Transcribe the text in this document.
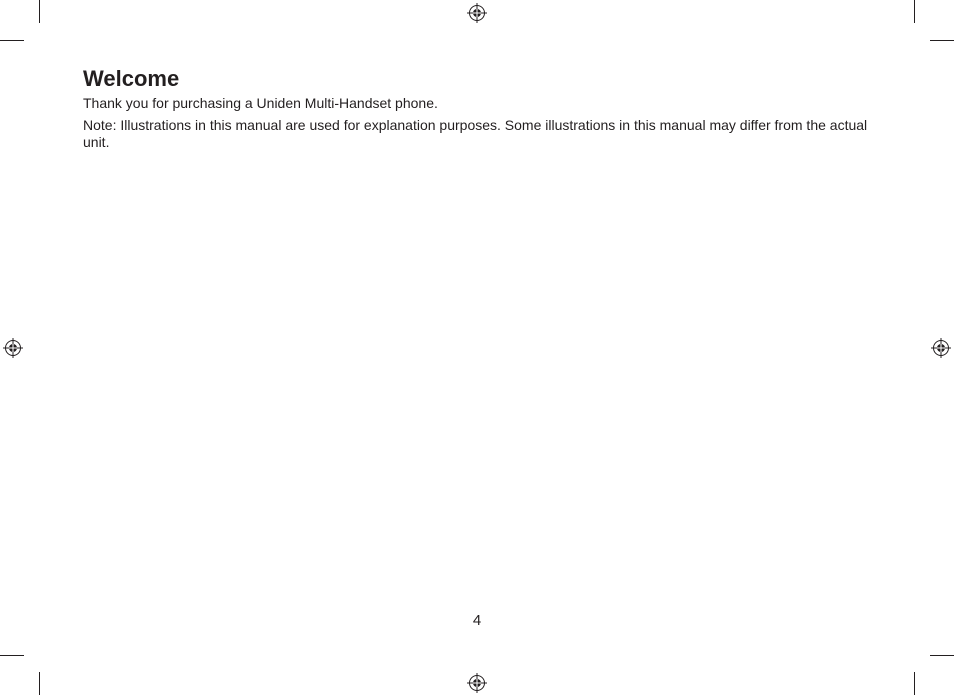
Welcome

Thank you for purchasing a Uniden Multi-Handset phone.

Note: Illustrations in this manual are used for explanation purposes. Some illustrations in this manual may differ from the actual unit.

4
